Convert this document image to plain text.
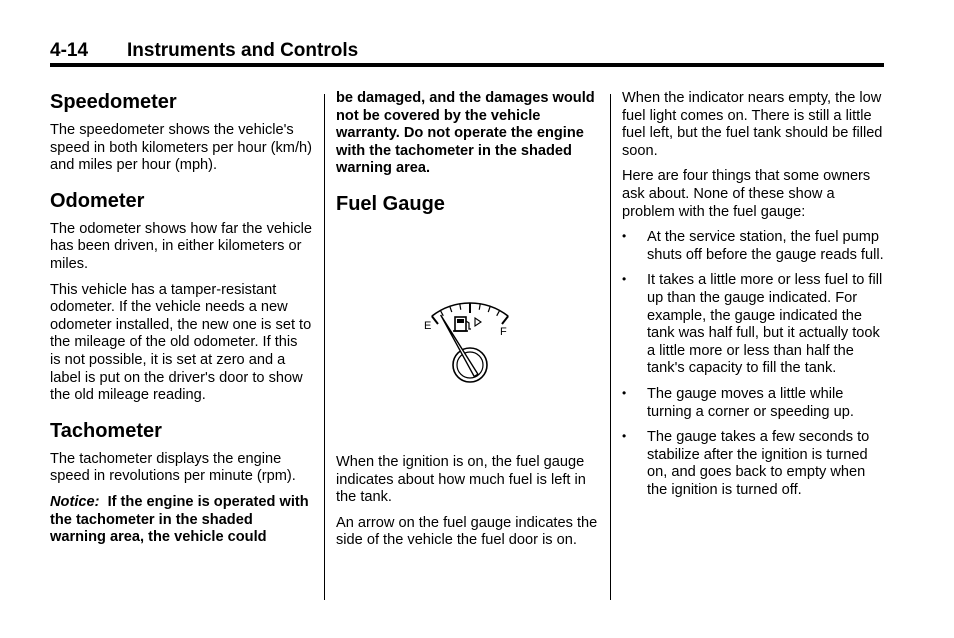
4-14 Instruments and Controls
Speedometer

The speedometer shows the vehicle's speed in both kilometers per hour (km/h) and miles per hour (mph).

Odometer

The odometer shows how far the vehicle has been driven, in either kilometers or miles.

This vehicle has a tamper-resistant odometer. If the vehicle needs a new odometer installed, the new one is set to the mileage of the old odometer. If this is not possible, it is set at zero and a label is put on the driver's door to show the old mileage reading.

Tachometer

The tachometer displays the engine speed in revolutions per minute (rpm).

Notice: If the engine is operated with the tachometer in the shaded warning area, the vehicle could

be damaged, and the damages would not be covered by the vehicle warranty. Do not operate the engine with the tachometer in the shaded warning area.

Fuel Gauge
E	F

When the ignition is on, the fuel gauge indicates about how much fuel is left in the tank.

An arrow on the fuel gauge indicates the side of the vehicle the fuel door is on.

When the indicator nears empty, the low fuel light comes on. There is still a little fuel left, but the fuel tank should be filled soon.

Here are four things that some owners ask about. None of these show a problem with the fuel gauge:

• At the service station, the fuel pump shuts off before the gauge reads full.
• It takes a little more or less fuel to fill up than the gauge indicated. For example, the gauge indicated the tank was half full, but it actually took a little more or less than half the tank's capacity to fill the tank.
• The gauge moves a little while turning a corner or speeding up.
• The gauge takes a few seconds to stabilize after the ignition is turned on, and goes back to empty when the ignition is turned off.
